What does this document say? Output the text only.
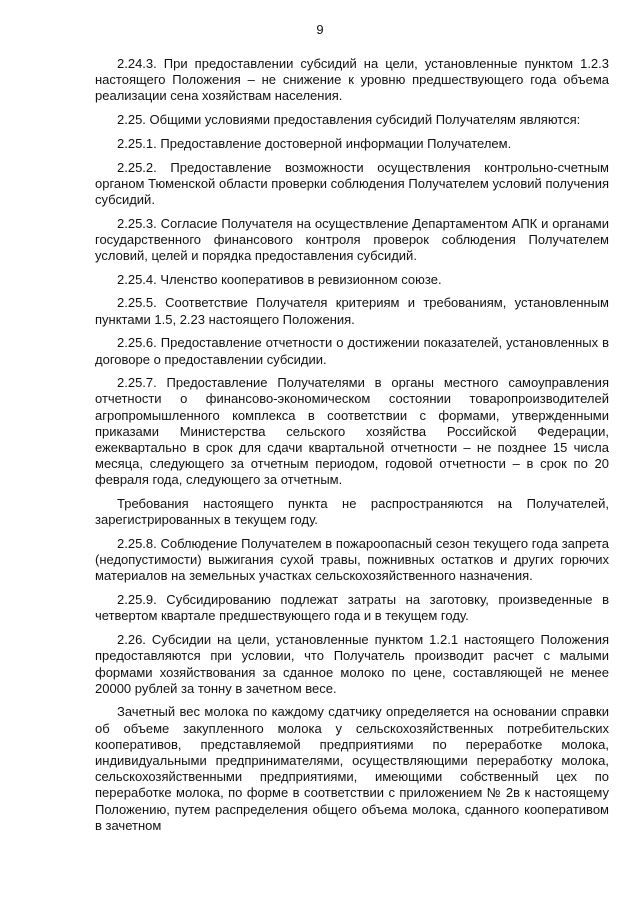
9

2.24.3. При предоставлении субсидий на цели, установленные пунктом 1.2.3 настоящего Положения – не снижение к уровню предшествующего года объема реализации сена хозяйствам населения.

2.25. Общими условиями предоставления субсидий Получателям являются:

2.25.1. Предоставление достоверной информации Получателем.

2.25.2. Предоставление возможности осуществления контрольно-счетным органом Тюменской области проверки соблюдения Получателем условий получения субсидий.

2.25.3. Согласие Получателя на осуществление Департаментом АПК и органами государственного финансового контроля проверок соблюдения Получателем условий, целей и порядка предоставления субсидий.

2.25.4. Членство кооперативов в ревизионном союзе.

2.25.5. Соответствие Получателя критериям и требованиям, установленным пунктами 1.5, 2.23 настоящего Положения.

2.25.6. Предоставление отчетности о достижении показателей, установленных в договоре о предоставлении субсидии.

2.25.7. Предоставление Получателями в органы местного самоуправления отчетности о финансово-экономическом состоянии товаропроизводителей агропромышленного комплекса в соответствии с формами, утвержденными приказами Министерства сельского хозяйства Российской Федерации, ежеквартально в срок для сдачи квартальной отчетности – не позднее 15 числа месяца, следующего за отчетным периодом, годовой отчетности – в срок по 20 февраля года, следующего за отчетным.

Требования настоящего пункта не распространяются на Получателей, зарегистрированных в текущем году.

2.25.8. Соблюдение Получателем в пожароопасный сезон текущего года запрета (недопустимости) выжигания сухой травы, пожнивных остатков и других горючих материалов на земельных участках сельскохозяйственного назначения.

2.25.9. Субсидированию подлежат затраты на заготовку, произведенные в четвертом квартале предшествующего года и в текущем году.

2.26. Субсидии на цели, установленные пунктом 1.2.1 настоящего Положения предоставляются при условии, что Получатель производит расчет с малыми формами хозяйствования за сданное молоко по цене, составляющей не менее 20000 рублей за тонну в зачетном весе.

Зачетный вес молока по каждому сдатчику определяется на основании справки об объеме закупленного молока у сельскохозяйственных потребительских кооперативов, представляемой предприятиями по переработке молока, индивидуальными предпринимателями, осуществляющими переработку молока, сельскохозяйственными предприятиями, имеющими собственный цех по переработке молока, по форме в соответствии с приложением № 2в к настоящему Положению, путем распределения общего объема молока, сданного кооперативом в зачетном
